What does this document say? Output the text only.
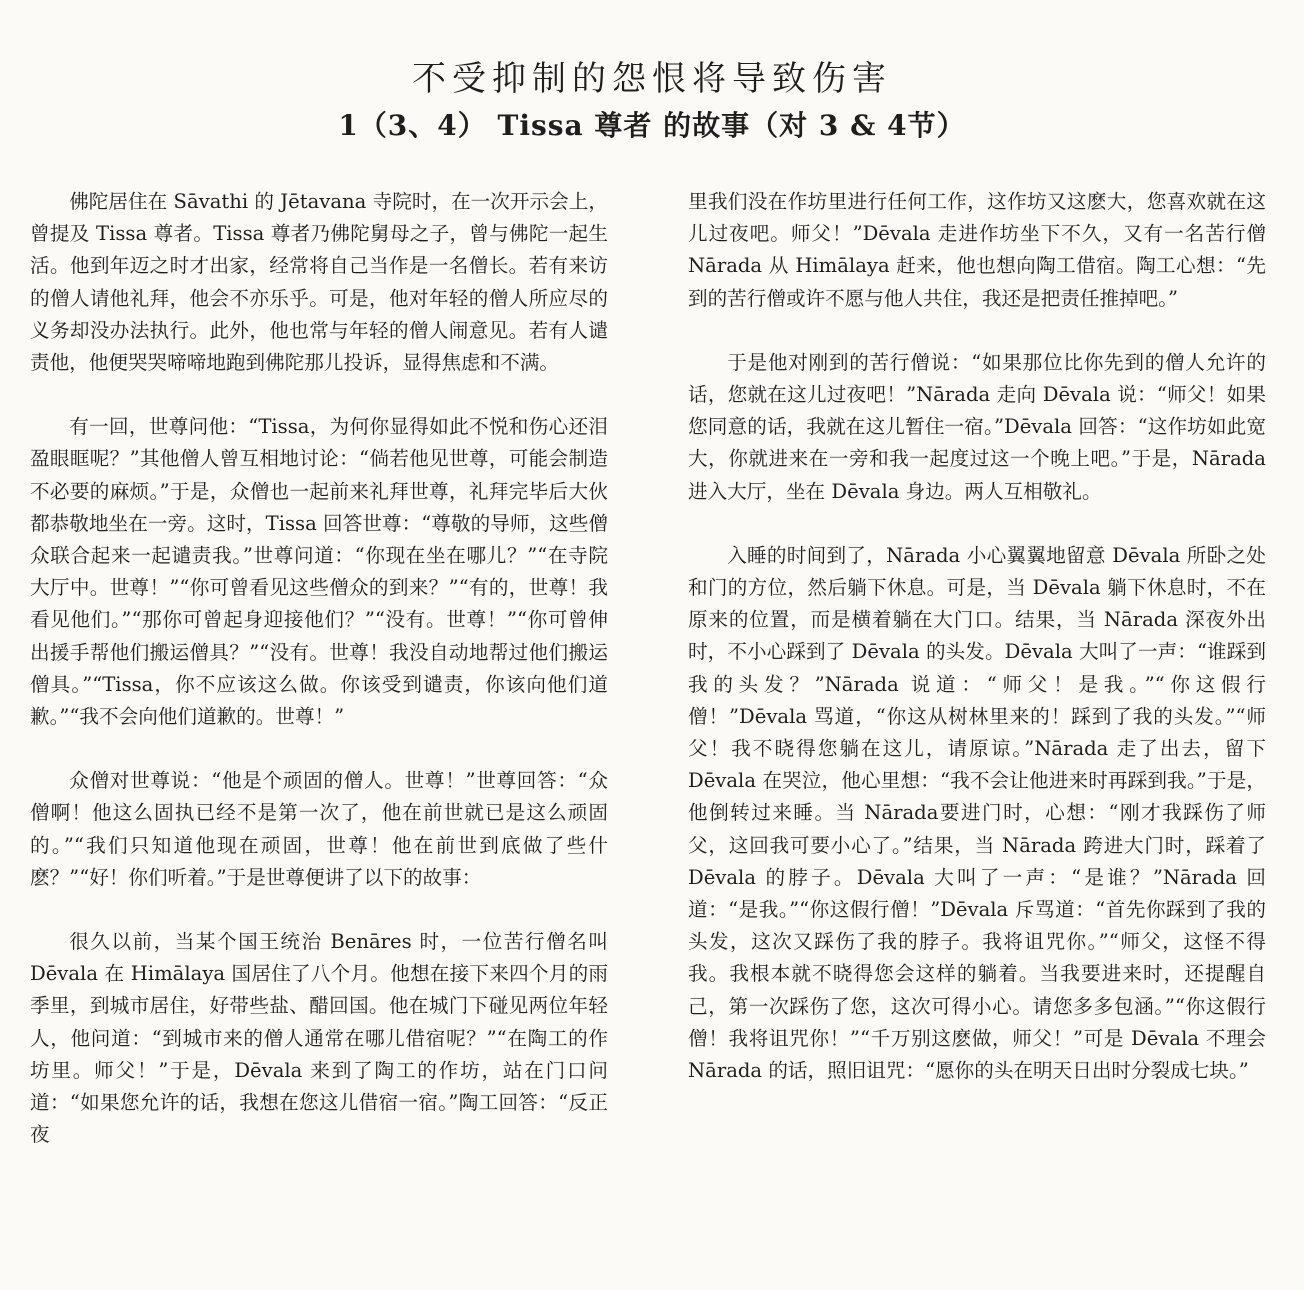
不受抑制的怨恨将导致伤害
1（3、4） Tissa 尊者 的故事（对 3 & 4节）

佛陀居住在 Sāvathi 的 Jētavana 寺院时，在一次开示会上，曾提及 Tissa 尊者。Tissa 尊者乃佛陀舅母之子，曾与佛陀一起生活。他到年迈之时才出家，经常将自己当作是一名僧长。若有来访的僧人请他礼拜，他会不亦乐乎。可是，他对年轻的僧人所应尽的义务却没办法执行。此外，他也常与年轻的僧人闹意见。若有人谴责他，他便哭哭啼啼地跑到佛陀那儿投诉，显得焦虑和不满。

有一回，世尊问他：“Tissa，为何你显得如此不悦和伤心还泪盈眼眶呢？”其他僧人曾互相地讨论：“倘若他见世尊，可能会制造不必要的麻烦。”于是，众僧也一起前来礼拜世尊，礼拜完毕后大伙都恭敬地坐在一旁。这时，Tissa 回答世尊：“尊敬的导师，这些僧众联合起来一起谴责我。”世尊问道：“你现在坐在哪儿？”“在寺院大厅中。世尊！”“你可曾看见这些僧众的到来？”“有的，世尊！我看见他们。”“那你可曾起身迎接他们？”“没有。世尊！”“你可曾伸出援手帮他们搬运僧具？”“没有。世尊！我没自动地帮过他们搬运僧具。”“Tissa，你不应该这么做。你该受到谴责，你该向他们道歉。”“我不会向他们道歉的。世尊！”

众僧对世尊说：“他是个顽固的僧人。世尊！”世尊回答：“众僧啊！他这么固执已经不是第一次了，他在前世就已是这么顽固的。”“我们只知道他现在顽固，世尊！他在前世到底做了些什麽？”“好！你们听着。”于是世尊便讲了以下的故事：

很久以前，当某个国王统治 Benāres 时，一位苦行僧名叫 Dēvala 在 Himālaya 国居住了八个月。他想在接下来四个月的雨季里，到城市居住，好带些盐、醋回国。他在城门下碰见两位年轻人，他问道：“到城市来的僧人通常在哪儿借宿呢？”“在陶工的作坊里。师父！”于是，Dēvala 来到了陶工的作坊，站在门口问道：“如果您允许的话，我想在您这儿借宿一宿。”陶工回答：“反正夜

里我们没在作坊里进行任何工作，这作坊又这麽大，您喜欢就在这儿过夜吧。师父！”Dēvala 走进作坊坐下不久，又有一名苦行僧 Nārada 从 Himālaya 赶来，他也想向陶工借宿。陶工心想：“先到的苦行僧或许不愿与他人共住，我还是把责任推掉吧。”

于是他对刚到的苦行僧说：“如果那位比你先到的僧人允许的话，您就在这儿过夜吧！”Nārada 走向 Dēvala 说：“师父！如果您同意的话，我就在这儿暂住一宿。”Dēvala 回答：“这作坊如此宽大，你就进来在一旁和我一起度过这一个晚上吧。”于是，Nārada 进入大厅，坐在 Dēvala 身边。两人互相敬礼。

入睡的时间到了，Nārada 小心翼翼地留意 Dēvala 所卧之处和门的方位，然后躺下休息。可是，当 Dēvala 躺下休息时，不在原来的位置，而是横着躺在大门口。结果，当 Nārada 深夜外出时，不小心踩到了 Dēvala 的头发。Dēvala 大叫了一声：“谁踩到我的头发？”Nārada 说道：“师父！是我。”“你这假行僧！”Dēvala 骂道，“你这从树林里来的！踩到了我的头发。”“师父！我不晓得您躺在这儿，请原谅。”Nārada 走了出去，留下 Dēvala 在哭泣，他心里想：“我不会让他进来时再踩到我。”于是，他倒转过来睡。当 Nārada要进门时，心想：“刚才我踩伤了师父，这回我可要小心了。”结果，当 Nārada 跨进大门时，踩着了 Dēvala 的脖子。Dēvala 大叫了一声：“是谁？”Nārada 回道：“是我。”“你这假行僧！”Dēvala 斥骂道：“首先你踩到了我的头发，这次又踩伤了我的脖子。我将诅咒你。”“师父，这怪不得我。我根本就不晓得您会这样的躺着。当我要进来时，还提醒自己，第一次踩伤了您，这次可得小心。请您多多包涵。”“你这假行僧！我将诅咒你！”“千万别这麽做，师父！”可是 Dēvala 不理会 Nārada 的话，照旧诅咒：“愿你的头在明天日出时分裂成七块。”
